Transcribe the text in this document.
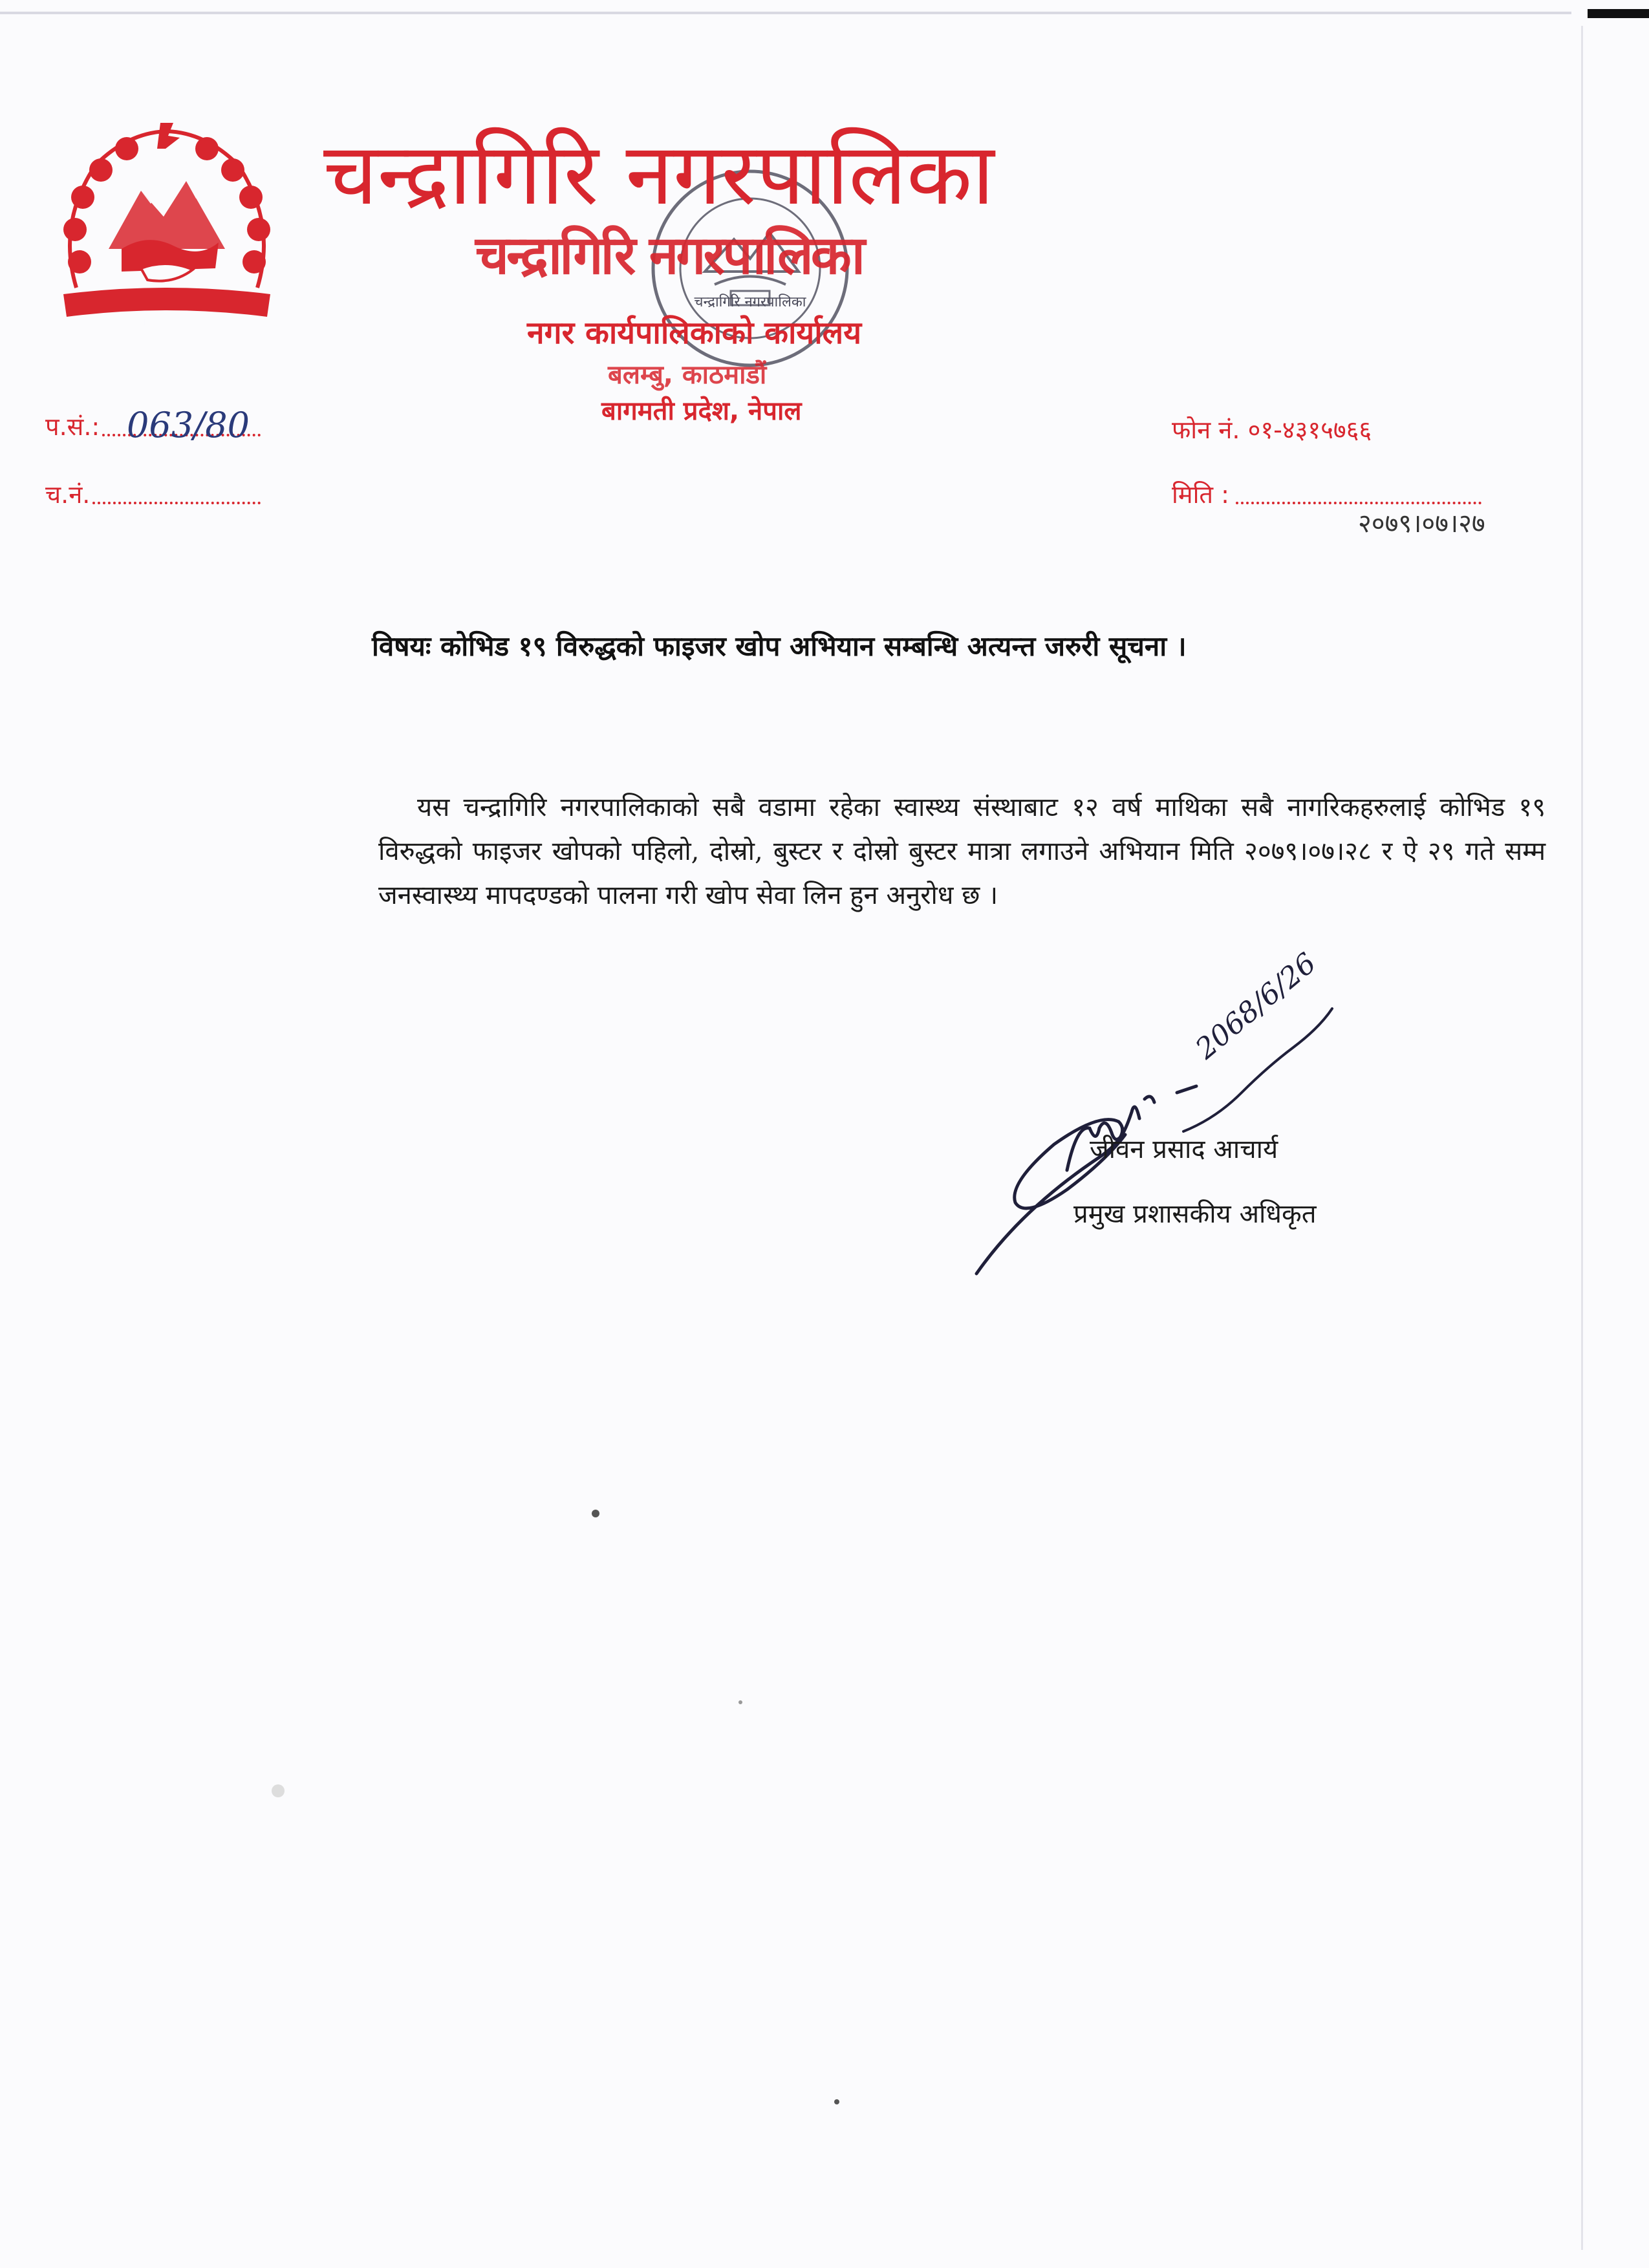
जननी जन्मभूमिश्च स्वर्गादपि गरीयसी
चन्द्रागिरि नगरपालिका
चन्द्रागिरि नगरपालिका
चन्द्रागिरि नगरपालिका
नगर कार्यपालिकाको कार्यालय
बलम्बु, काठमाडौं
बागमती प्रदेश, नेपाल
प.सं.: 063/80
च.नं.
फोन नं. ०१-४३१५७६६
मिति :
२०७९।०७।२७
विषयः कोभिड १९ विरुद्धको फाइजर खोप अभियान सम्बन्धि अत्यन्त जरुरी सूचना ।
यस चन्द्रागिरि नगरपालिकाको सबै वडामा रहेका स्वास्थ्य संस्थाबाट १२ वर्ष माथिका सबै नागरिकहरुलाई कोभिड १९ विरुद्धको फाइजर खोपको पहिलो, दोस्रो, बुस्टर र दोस्रो बुस्टर मात्रा लगाउने अभियान मिति २०७९।०७।२८ र ऐ २९ गते सम्म जनस्वास्थ्य मापदण्डको पालना गरी खोप सेवा लिन हुन अनुरोध छ ।
2068/6/26
जीवन प्रसाद आचार्य
प्रमुख प्रशासकीय अधिकृत
